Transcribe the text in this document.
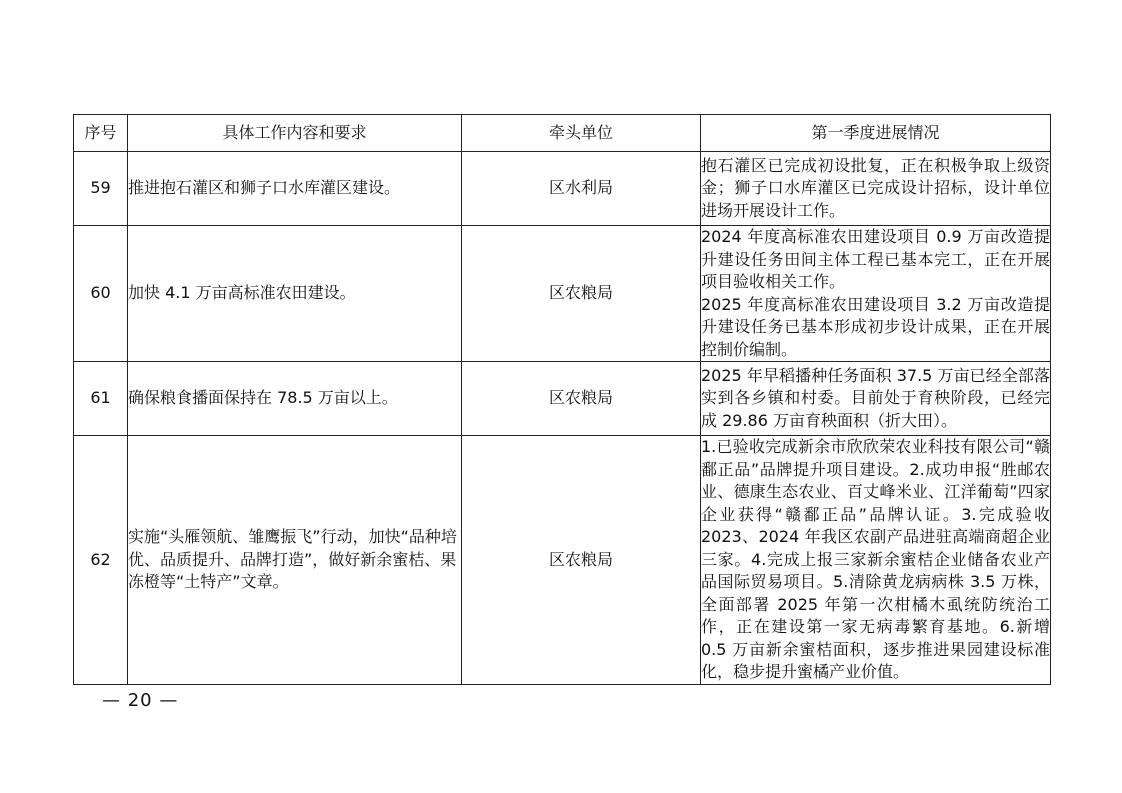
序号	具体工作内容和要求	牵头单位	第一季度进展情况
59	推进抱石灌区和狮子口水库灌区建设。	区水利局	抱石灌区已完成初设批复，正在积极争取上级资金；狮子口水库灌区已完成设计招标，设计单位进场开展设计工作。

60	加快 4.1 万亩高标准农田建设。	区农粮局	2024 年度高标准农田建设项目 0.9 万亩改造提升建设任务田间主体工程已基本完工，正在开展项目验收相关工作。
2025 年度高标准农田建设项目 3.2 万亩改造提升建设任务已基本形成初步设计成果，正在开展控制价编制。

61	确保粮食播面保持在 78.5 万亩以上。	区农粮局	2025 年早稻播种任务面积 37.5 万亩已经全部落实到各乡镇和村委。目前处于育秧阶段，已经完成 29.86 万亩育秧面积（折大田）。

62	实施“头雁领航、雏鹰振飞”行动，加快“品种培优、品质提升、品牌打造”，做好新余蜜桔、果冻橙等“土特产”文章。	区农粮局	1.已验收完成新余市欣欣荣农业科技有限公司“赣鄱正品”品牌提升项目建设。2.成功申报“胜邮农业、德康生态农业、百丈峰米业、江洋葡萄”四家企业获得“赣鄱正品”品牌认证。3.完成验收 2023、2024 年我区农副产品进驻高端商超企业三家。4.完成上报三家新余蜜桔企业储备农业产品国际贸易项目。5.清除黄龙病病株 3.5 万株，全面部署 2025 年第一次柑橘木虱统防统治工作，正在建设第一家无病毒繁育基地。6.新增 0.5 万亩新余蜜桔面积，逐步推进果园建设标准化，稳步提升蜜橘产业价值。
— 20 —
